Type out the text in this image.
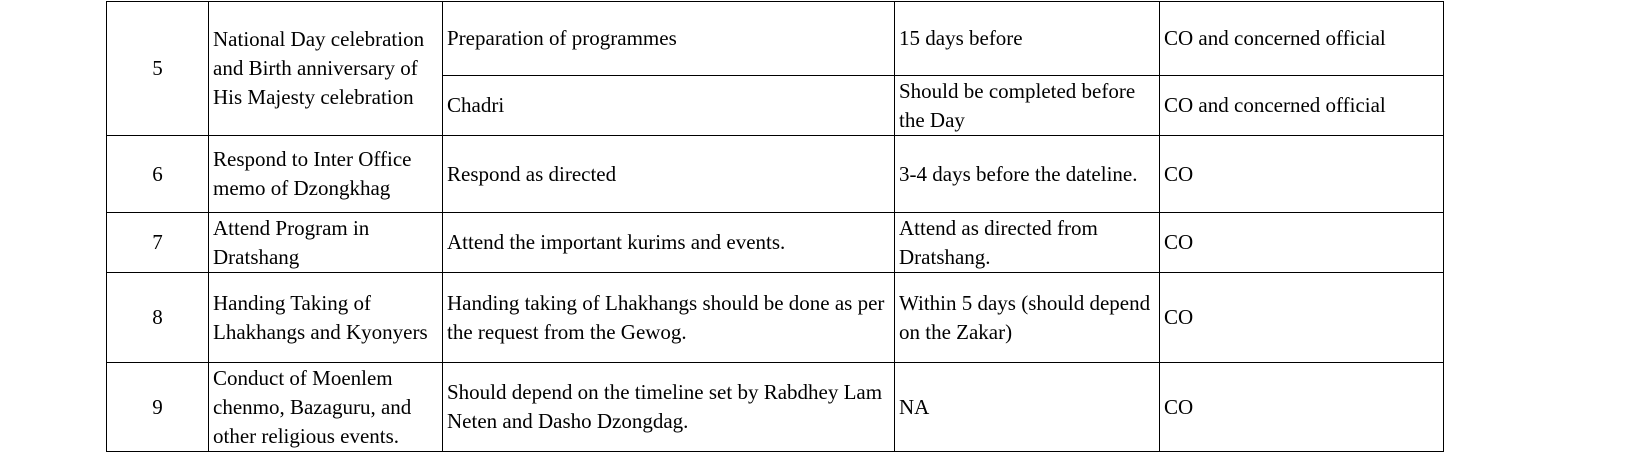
5	National Day celebration and Birth anniversary of His Majesty celebration	Preparation of programmes	15 days before	CO and concerned official
		Chadri	Should be completed before the Day	CO and concerned official
6	Respond to Inter Office memo of Dzongkhag	Respond as directed	3-4 days before the dateline.	CO
7	Attend Program in Dratshang	Attend the important kurims and events.	Attend as directed from Dratshang.	CO
8	Handing Taking of Lhakhangs and Kyonyers	Handing taking of Lhakhangs should be done as per the request from the Gewog.	Within 5 days (should depend on the Zakar)	CO
9	Conduct of Moenlem chenmo, Bazaguru, and other religious events.	Should depend on the timeline set by Rabdhey Lam Neten and Dasho Dzongdag.	NA	CO
